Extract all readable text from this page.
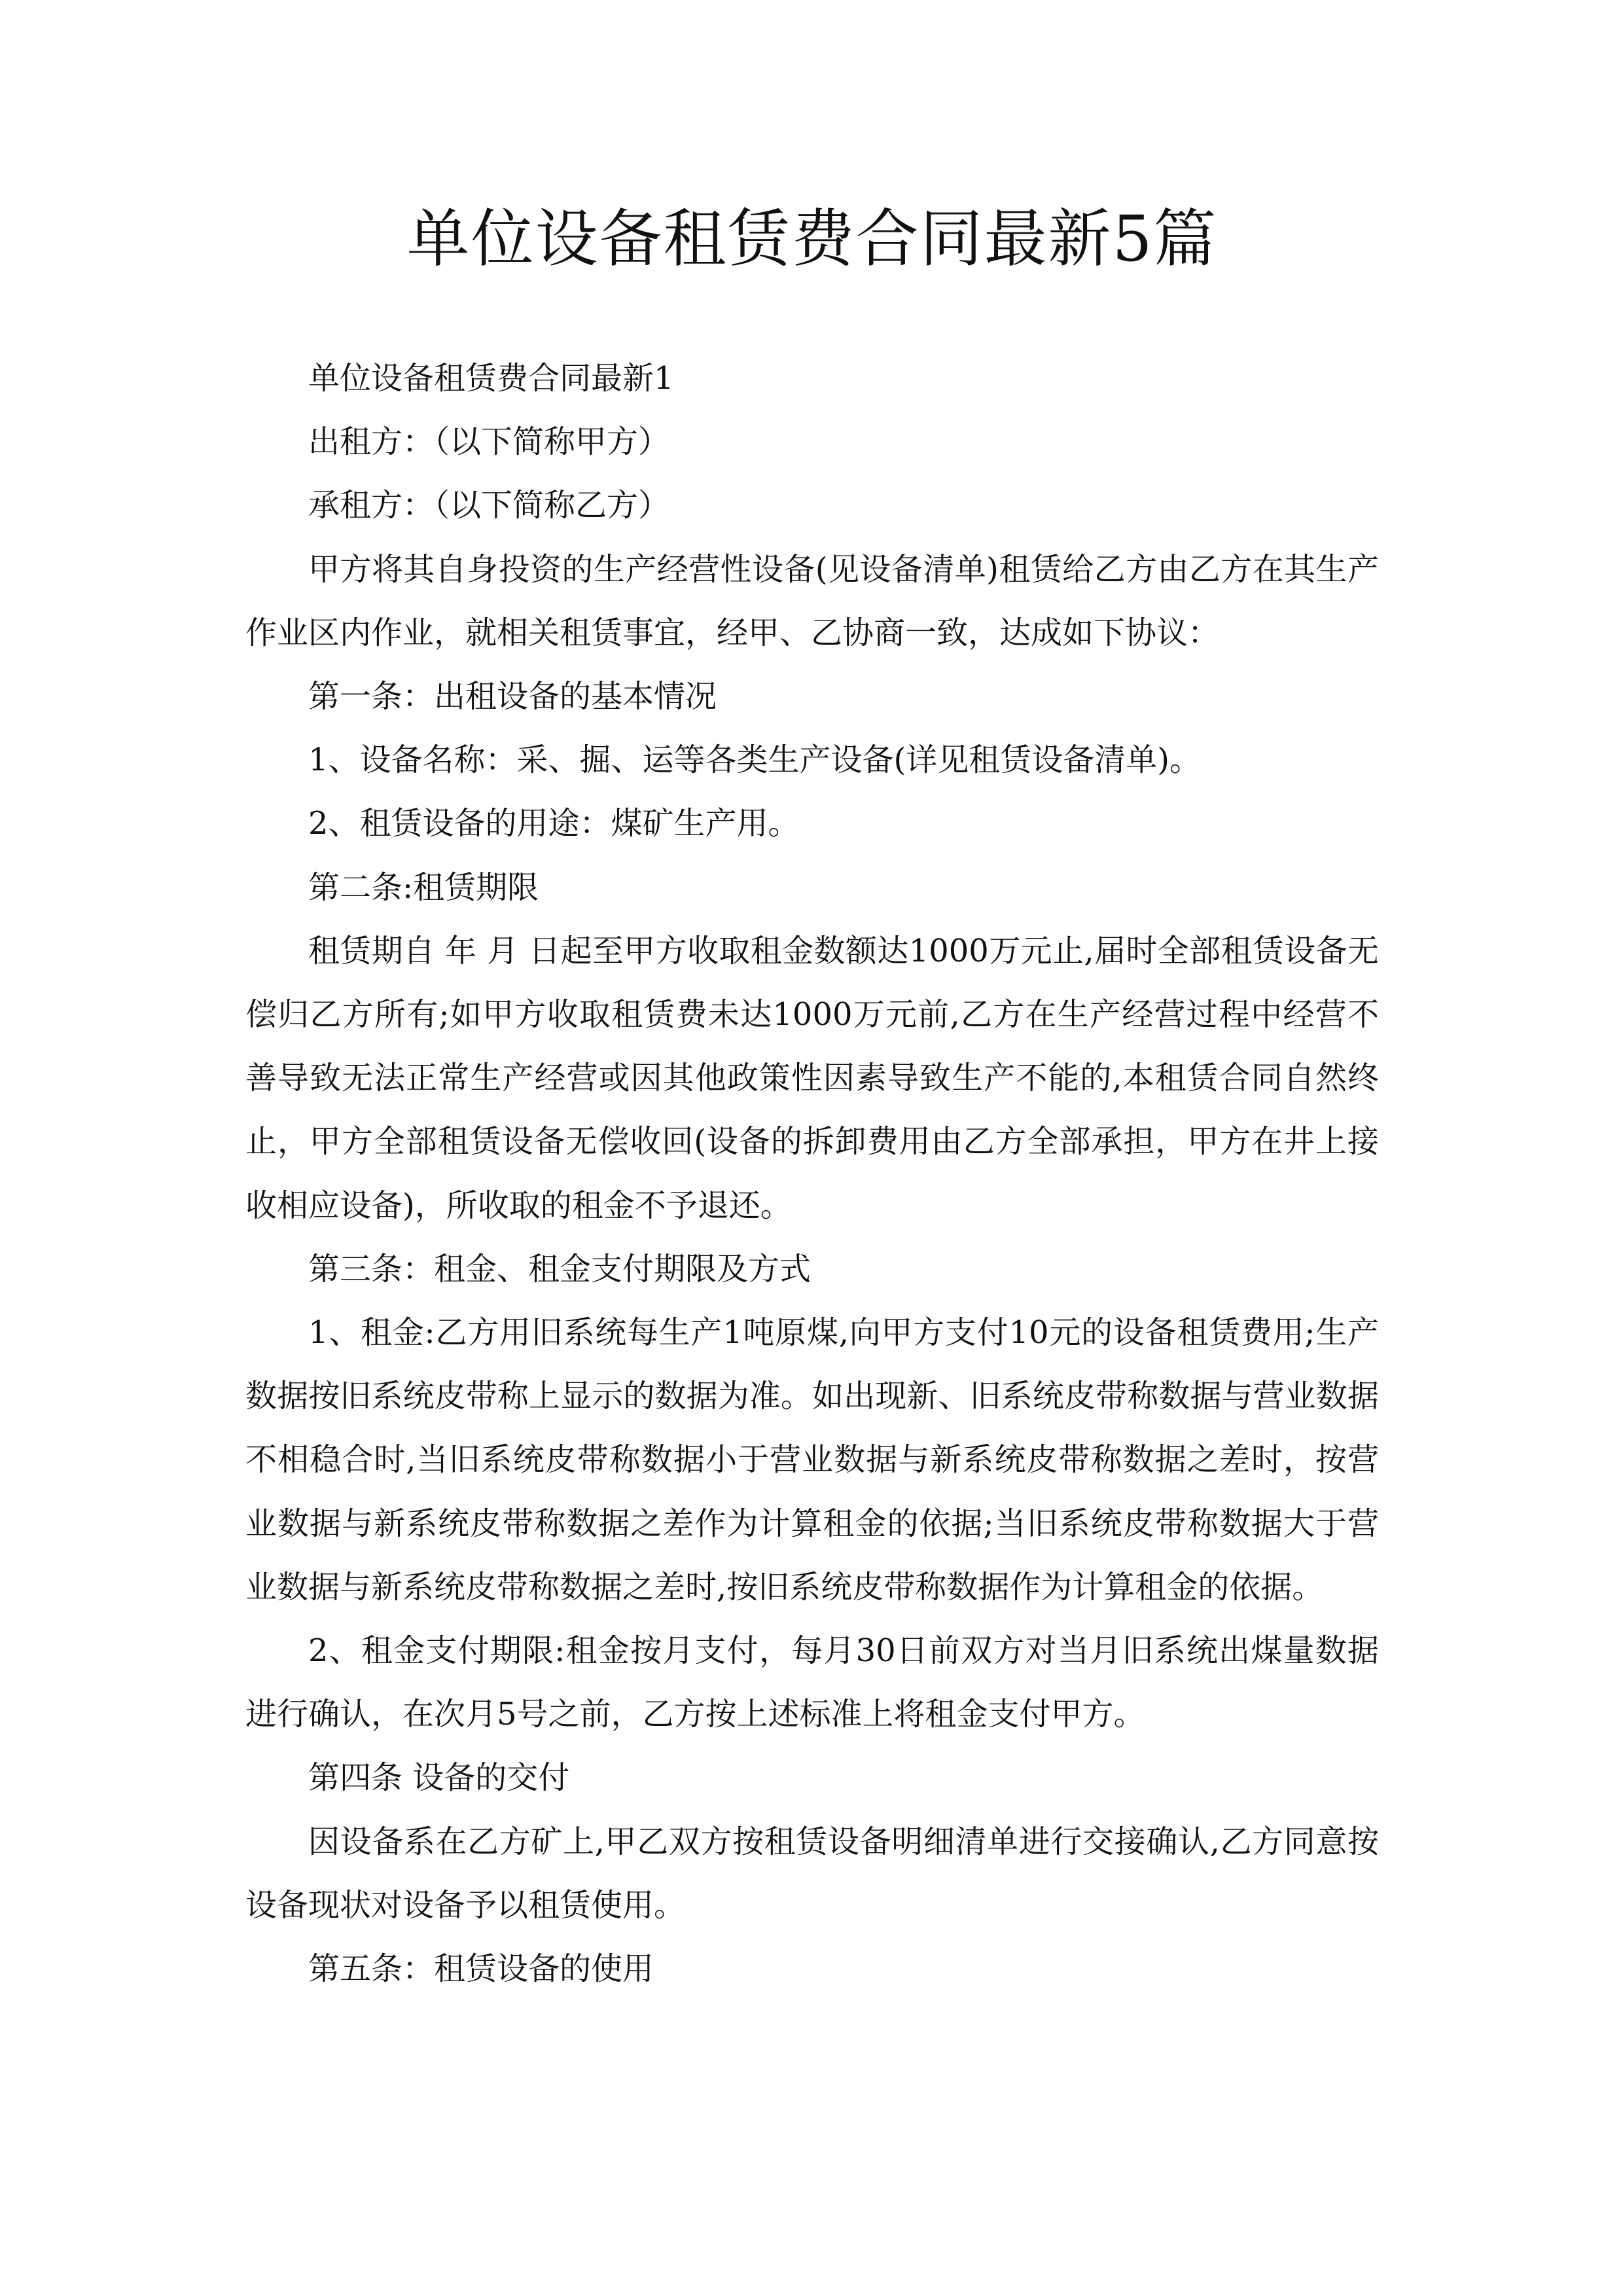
单位设备租赁费合同最新5篇

单位设备租赁费合同最新1

出租方：（以下简称甲方）

承租方：（以下简称乙方）

甲方将其自身投资的生产经营性设备(见设备清单)租赁给乙方由乙方在其生产作业区内作业，就相关租赁事宜，经甲、乙协商一致，达成如下协议：

第一条：出租设备的基本情况

1、设备名称：采、掘、运等各类生产设备(详见租赁设备清单)。

2、租赁设备的用途：煤矿生产用。

第二条:租赁期限

租赁期自 年 月 日起至甲方收取租金数额达1000万元止,届时全部租赁设备无偿归乙方所有;如甲方收取租赁费未达1000万元前,乙方在生产经营过程中经营不善导致无法正常生产经营或因其他政策性因素导致生产不能的,本租赁合同自然终止，甲方全部租赁设备无偿收回(设备的拆卸费用由乙方全部承担，甲方在井上接收相应设备)，所收取的租金不予退还。

第三条：租金、租金支付期限及方式

1、租金:乙方用旧系统每生产1吨原煤,向甲方支付10元的设备租赁费用;生产数据按旧系统皮带称上显示的数据为准。如出现新、旧系统皮带称数据与营业数据不相稳合时,当旧系统皮带称数据小于营业数据与新系统皮带称数据之差时，按营业数据与新系统皮带称数据之差作为计算租金的依据;当旧系统皮带称数据大于营业数据与新系统皮带称数据之差时,按旧系统皮带称数据作为计算租金的依据。

2、租金支付期限:租金按月支付，每月30日前双方对当月旧系统出煤量数据进行确认，在次月5号之前，乙方按上述标准上将租金支付甲方。

第四条 设备的交付

因设备系在乙方矿上,甲乙双方按租赁设备明细清单进行交接确认,乙方同意按设备现状对设备予以租赁使用。

第五条：租赁设备的使用
